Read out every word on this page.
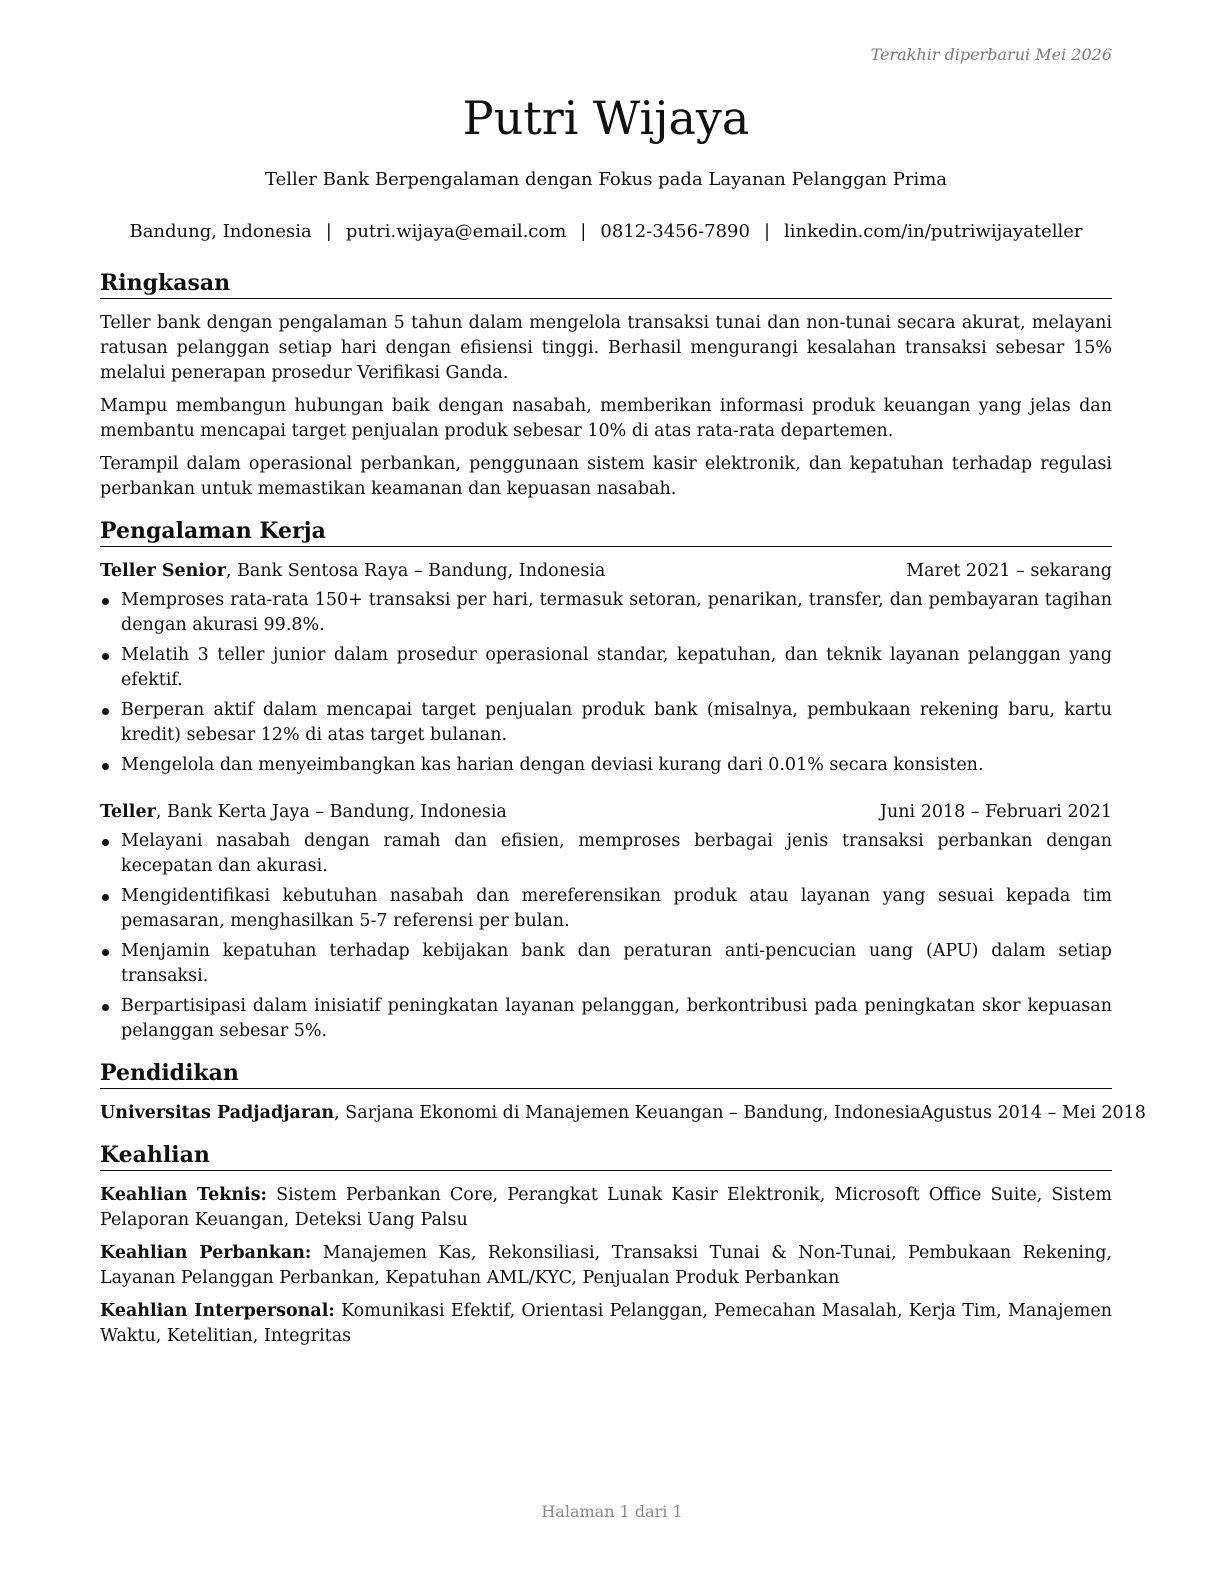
Terakhir diperbarui Mei 2026
Putri Wijaya
Teller Bank Berpengalaman dengan Fokus pada Layanan Pelanggan Prima
Bandung, Indonesia | putri.wijaya@email.com | 0812-3456-7890 | linkedin.com/in/putriwijayateller
Ringkasan

Teller bank dengan pengalaman 5 tahun dalam mengelola transaksi tunai dan non-tunai secara akurat, melayani ratusan pelanggan setiap hari dengan efisiensi tinggi. Berhasil mengurangi kesalahan transaksi sebesar 15% melalui penerapan prosedur Verifikasi Ganda.

Mampu membangun hubungan baik dengan nasabah, memberikan informasi produk keuangan yang jelas dan membantu mencapai target penjualan produk sebesar 10% di atas rata-rata departemen.

Terampil dalam operasional perbankan, penggunaan sistem kasir elektronik, dan kepatuhan terhadap regulasi perbankan untuk memastikan keamanan dan kepuasan nasabah.

Pengalaman Kerja
Teller Senior, Bank Sentosa Raya – Bandung, Indonesia	Maret 2021 – sekarang
Memproses rata-rata 150+ transaksi per hari, termasuk setoran, penarikan, transfer, dan pembayaran tagihan dengan akurasi 99.8%.
Melatih 3 teller junior dalam prosedur operasional standar, kepatuhan, dan teknik layanan pelanggan yang efektif.
Berperan aktif dalam mencapai target penjualan produk bank (misalnya, pembukaan rekening baru, kartu kredit) sebesar 12% di atas target bulanan.
Mengelola dan menyeimbangkan kas harian dengan deviasi kurang dari 0.01% secara konsisten.
Teller, Bank Kerta Jaya – Bandung, Indonesia	Juni 2018 – Februari 2021
Melayani nasabah dengan ramah dan efisien, memproses berbagai jenis transaksi perbankan dengan kecepatan dan akurasi.
Mengidentifikasi kebutuhan nasabah dan mereferensikan produk atau layanan yang sesuai kepada tim pemasaran, menghasilkan 5-7 referensi per bulan.
Menjamin kepatuhan terhadap kebijakan bank dan peraturan anti-pencucian uang (APU) dalam setiap transaksi.
Berpartisipasi dalam inisiatif peningkatan layanan pelanggan, berkontribusi pada peningkatan skor kepuasan pelanggan sebesar 5%.
Pendidikan
Universitas Padjadjaran, Sarjana Ekonomi di Manajemen Keuangan – Bandung, Indonesia Agustus 2014 – Mei 2018
Keahlian

Keahlian Teknis: Sistem Perbankan Core, Perangkat Lunak Kasir Elektronik, Microsoft Office Suite, Sistem Pelaporan Keuangan, Deteksi Uang Palsu

Keahlian Perbankan: Manajemen Kas, Rekonsiliasi, Transaksi Tunai & Non-Tunai, Pembukaan Rekening, Layanan Pelanggan Perbankan, Kepatuhan AML/KYC, Penjualan Produk Perbankan

Keahlian Interpersonal: Komunikasi Efektif, Orientasi Pelanggan, Pemecahan Masalah, Kerja Tim, Manajemen Waktu, Ketelitian, Integritas

Halaman 1 dari 1
